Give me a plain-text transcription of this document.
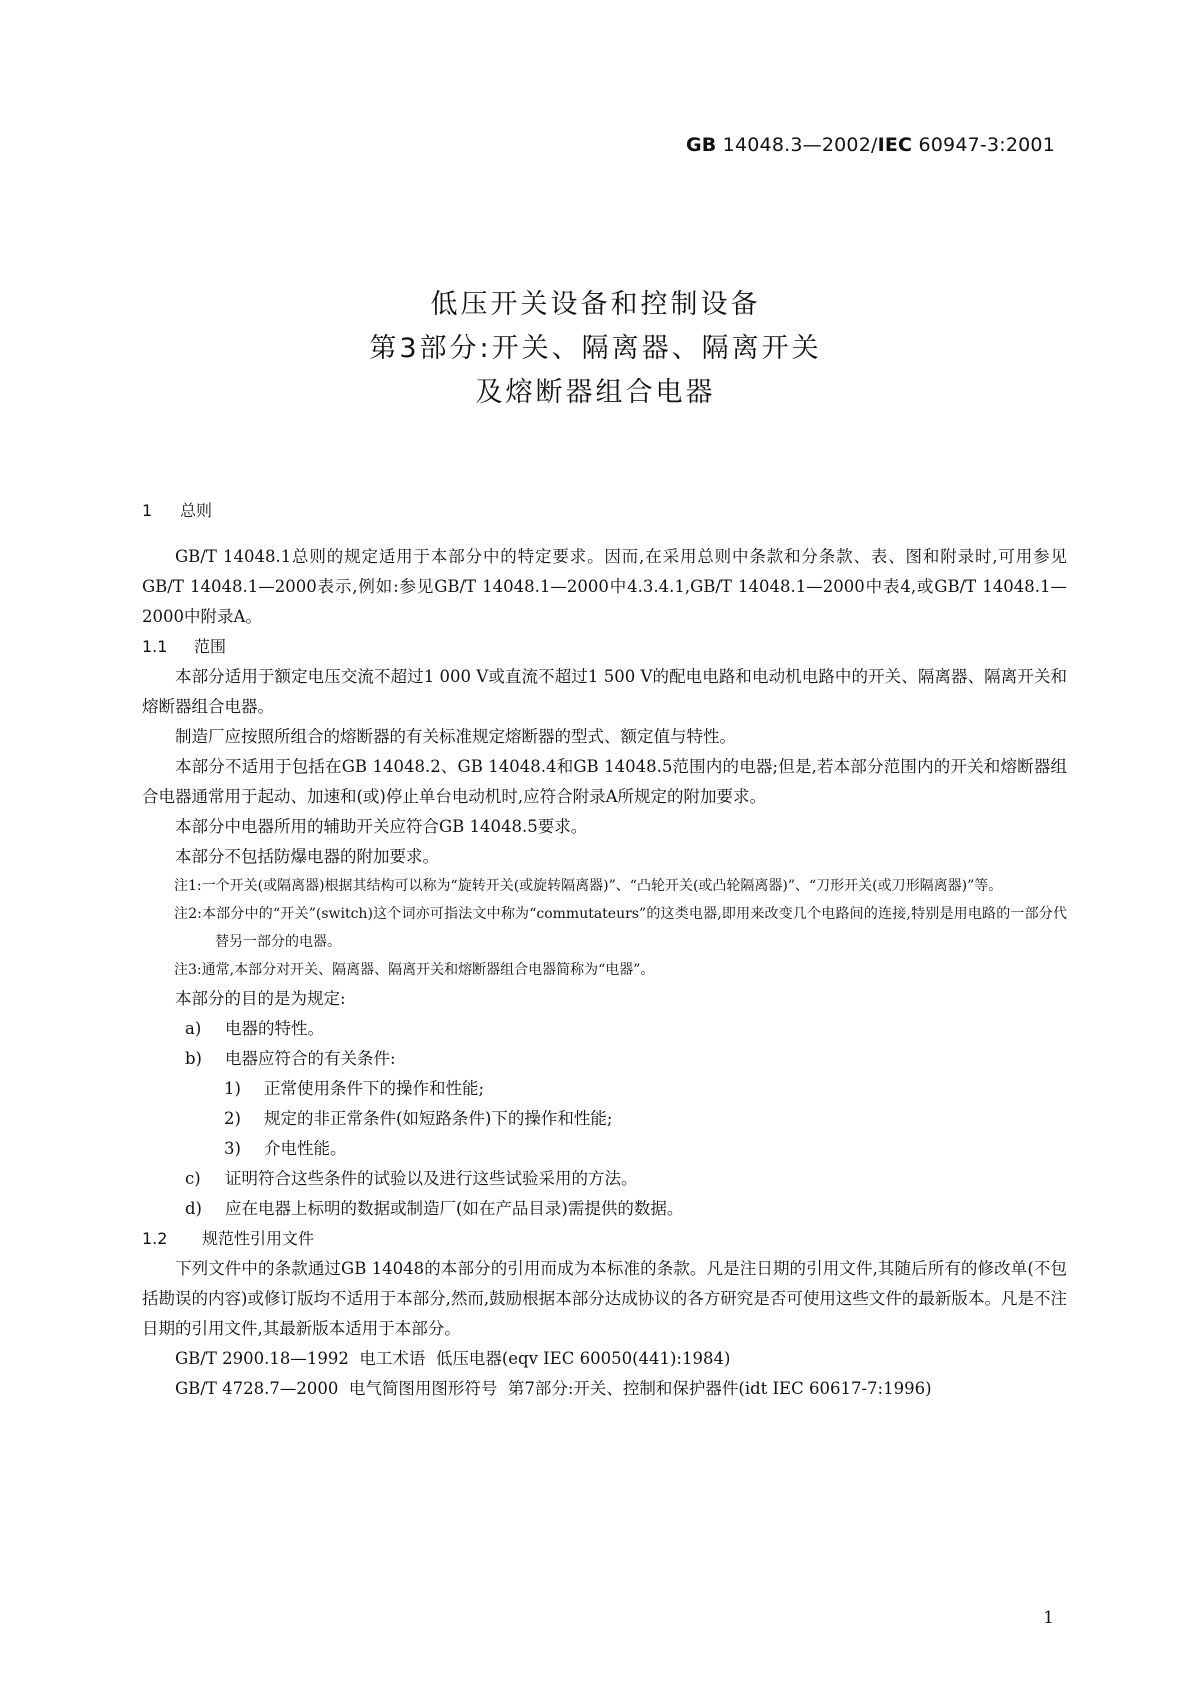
GB 14048.3—2002/IEC 60947-3:2001
低压开关设备和控制设备
第3部分:开关、隔离器、隔离开关
及熔断器组合电器
1 总则

GB/T 14048.1总则的规定适用于本部分中的特定要求。因而,在采用总则中条款和分条款、表、图和附录时,可用参见GB/T 14048.1—2000表示,例如:参见GB/T 14048.1—2000中4.3.4.1,GB/T 14048.1—2000中表4,或GB/T 14048.1—2000中附录A。

1.1 范围

本部分适用于额定电压交流不超过1 000 V或直流不超过1 500 V的配电电路和电动机电路中的开关、隔离器、隔离开关和熔断器组合电器。

制造厂应按照所组合的熔断器的有关标准规定熔断器的型式、额定值与特性。

本部分不适用于包括在GB 14048.2、GB 14048.4和GB 14048.5范围内的电器;但是,若本部分范围内的开关和熔断器组合电器通常用于起动、加速和(或)停止单台电动机时,应符合附录A所规定的附加要求。

本部分中电器所用的辅助开关应符合GB 14048.5要求。

本部分不包括防爆电器的附加要求。

注1:一个开关(或隔离器)根据其结构可以称为“旋转开关(或旋转隔离器)”、“凸轮开关(或凸轮隔离器)”、“刀形开关(或刀形隔离器)”等。

注2:本部分中的“开关”(switch)这个词亦可指法文中称为“commutateurs”的这类电器,即用来改变几个电路间的连接,特别是用电路的一部分代替另一部分的电器。

注3:通常,本部分对开关、隔离器、隔离开关和熔断器组合电器简称为“电器”。

本部分的目的是为规定:

a) 电器的特性。
b) 电器应符合的有关条件:
1) 正常使用条件下的操作和性能;
2) 规定的非正常条件(如短路条件)下的操作和性能;
3) 介电性能。
c) 证明符合这些条件的试验以及进行这些试验采用的方法。
d) 应在电器上标明的数据或制造厂(如在产品目录)需提供的数据。
1.2 规范性引用文件

下列文件中的条款通过GB 14048的本部分的引用而成为本标准的条款。凡是注日期的引用文件,其随后所有的修改单(不包括勘误的内容)或修订版均不适用于本部分,然而,鼓励根据本部分达成协议的各方研究是否可使用这些文件的最新版本。凡是不注日期的引用文件,其最新版本适用于本部分。

GB/T 2900.18—1992  电工术语  低压电器(eqv IEC 60050(441):1984)

GB/T 4728.7—2000  电气简图用图形符号  第7部分:开关、控制和保护器件(idt IEC 60617-7:1996)

1
